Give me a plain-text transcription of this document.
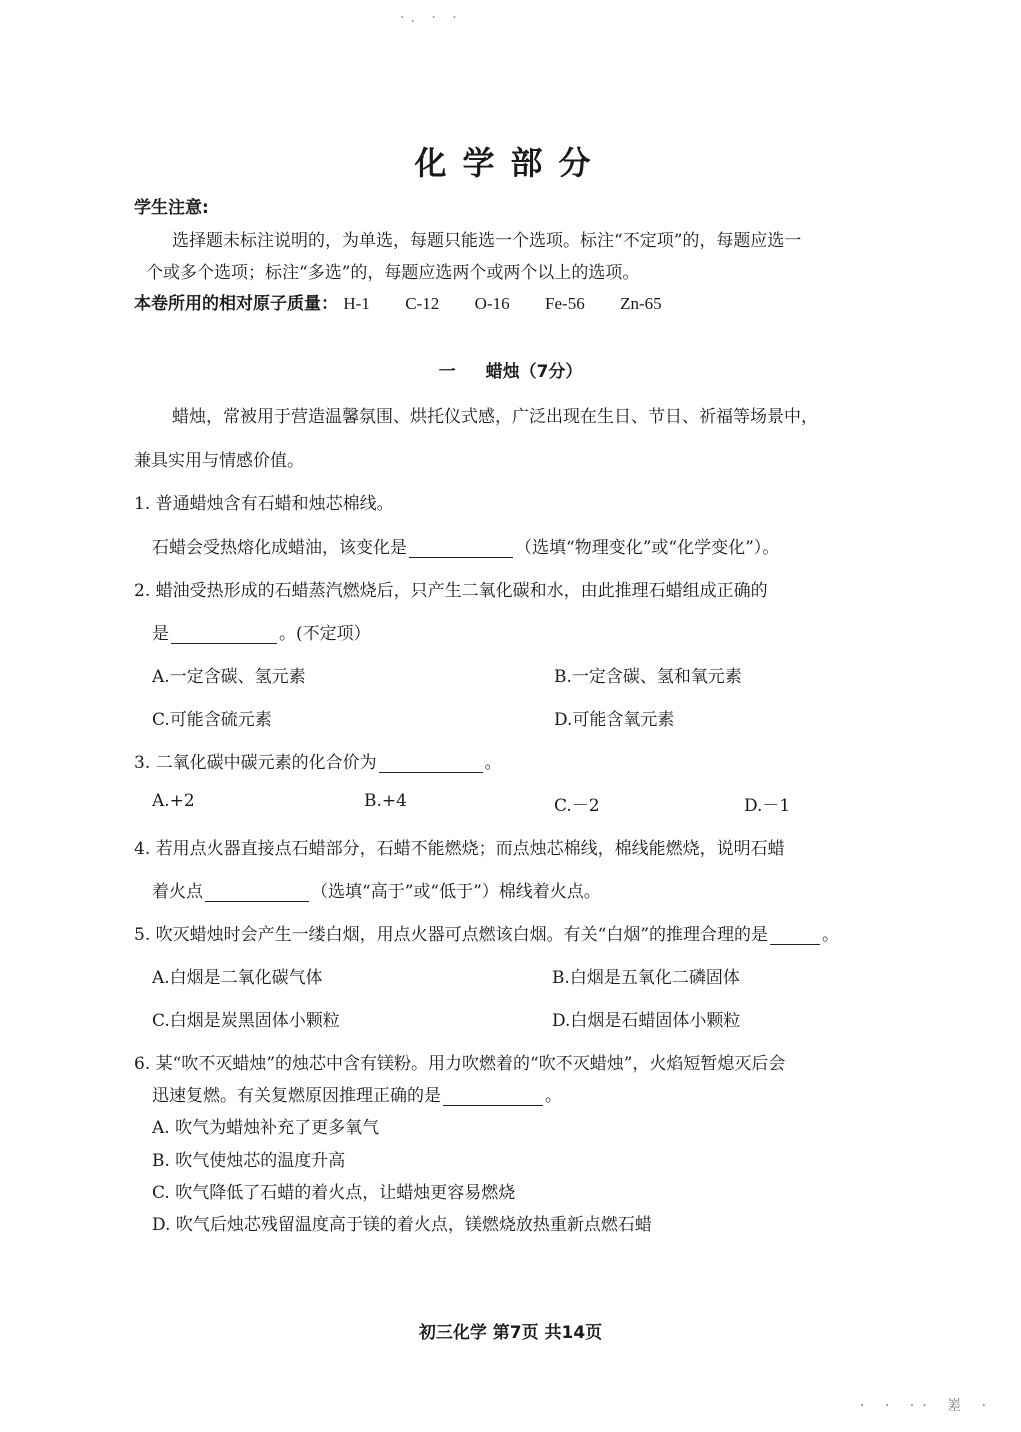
·. · ·
化学部分
学生注意:
选择题未标注说明的，为单选，每题只能选一个选项。标注“不定项”的，每题应选一
个或多个选项；标注“多选”的，每题应选两个或两个以上的选项。
本卷所用的相对原子质量： H-1 C-12 O-16 Fe-56 Zn-65
一 蜡烛（7分）
蜡烛，常被用于营造温馨氛围、烘托仪式感，广泛出现在生日、节日、祈福等场景中，
兼具实用与情感价值。
1. 普通蜡烛含有石蜡和烛芯棉线。
石蜡会受热熔化成蜡油，该变化是	（选填“物理变化”或“化学变化”）。
2. 蜡油受热形成的石蜡蒸汽燃烧后，只产生二氧化碳和水，由此推理石蜡组成正确的
是	。(不定项）
A.一定含碳、氢元素	B.一定含碳、氢和氧元素
C.可能含硫元素	D.可能含氧元素
3. 二氧化碳中碳元素的化合价为	。
A.+2	B.+4	C.－2	D.－1
4. 若用点火器直接点石蜡部分，石蜡不能燃烧；而点烛芯棉线，棉线能燃烧，说明石蜡
着火点	（选填“高于”或“低于”）棉线着火点。
5. 吹灭蜡烛时会产生一缕白烟，用点火器可点燃该白烟。有关“白烟”的推理合理的是	。
A.白烟是二氧化碳气体	B.白烟是五氧化二磷固体
C.白烟是炭黑固体小颗粒	D.白烟是石蜡固体小颗粒
6. 某“吹不灭蜡烛”的烛芯中含有镁粉。用力吹燃着的“吹不灭蜡烛”，火焰短暂熄灭后会
迅速复燃。有关复燃原因推理正确的是	。
A. 吹气为蜡烛补充了更多氧气
B. 吹气使烛芯的温度升高
C. 吹气降低了石蜡的着火点，让蜡烛更容易燃烧
D. 吹气后烛芯残留温度高于镁的着火点，镁燃烧放热重新点燃石蜡
初三化学 第7页 共14页
· · ·· 嵳 ·
